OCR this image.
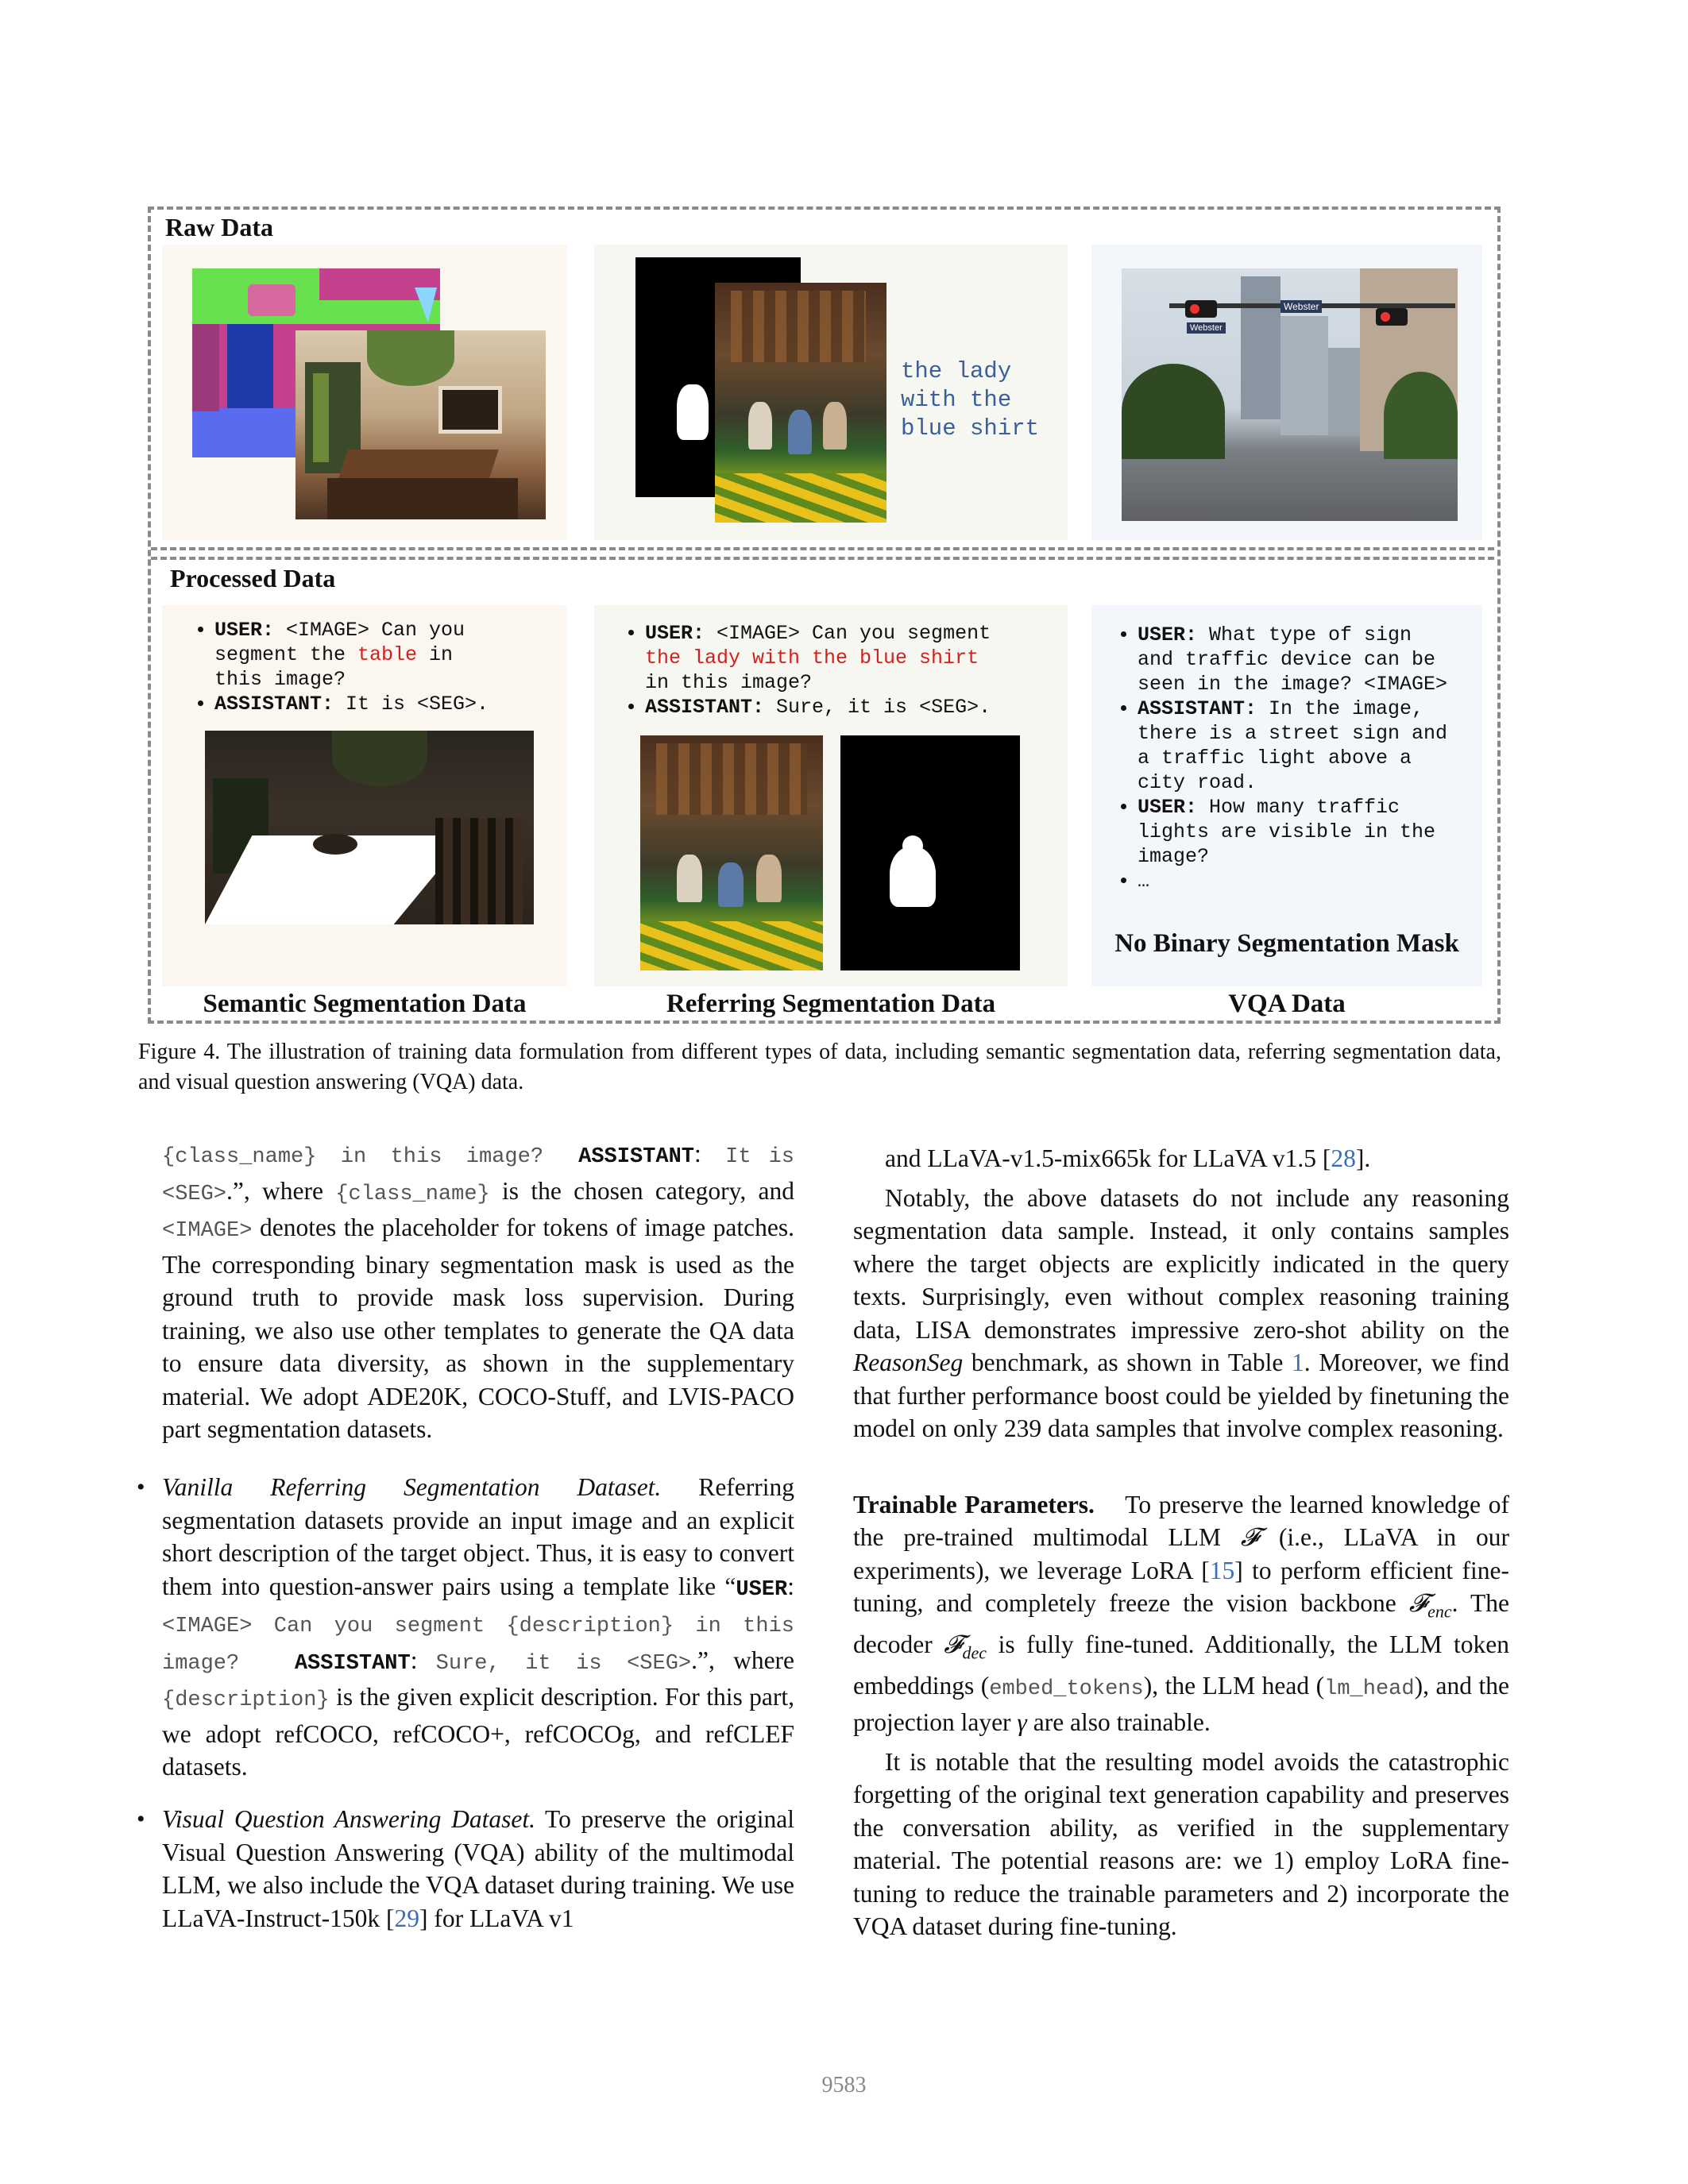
Raw Data
Processed Data
the lady
with the
blue shirt
Webster
Webster
• USER: <IMAGE> Can you
segment the table in
this image?
• ASSISTANT: It is <SEG>.
• USER: <IMAGE> Can you segment
the lady with the blue shirt
in this image?
• ASSISTANT: Sure, it is <SEG>.
• USER: What type of sign
and traffic device can be
seen in the image? <IMAGE>
• ASSISTANT: In the image,
there is a street sign and
a traffic light above a
city road.
• USER: How many traffic
lights are visible in the
image?
• …
No Binary Segmentation Mask
Semantic Segmentation Data	Referring Segmentation Data	VQA Data
Figure 4. The illustration of training data formulation from different types of data, including semantic segmentation data, referring segmentation data, and visual question answering (VQA) data.

{class_name} in this image? ASSISTANT: It is <SEG>.”, where {class_name} is the chosen category, and <IMAGE> denotes the placeholder for tokens of image patches. The corresponding binary segmentation mask is used as the ground truth to provide mask loss supervision. During training, we also use other templates to generate the QA data to ensure data diversity, as shown in the supplementary material. We adopt ADE20K, COCO-Stuff, and LVIS-PACO part segmentation datasets.

• Vanilla Referring Segmentation Dataset. Referring segmentation datasets provide an input image and an explicit short description of the target object. Thus, it is easy to convert them into question-answer pairs using a template like “USER: <IMAGE> Can you segment {description} in this image?	ASSISTANT: Sure, it is <SEG>.”, where {description} is the given explicit description. For this part, we adopt refCOCO, refCOCO+, refCOCOg, and refCLEF datasets.

• Visual Question Answering Dataset. To preserve the original Visual Question Answering (VQA) ability of the multimodal LLM, we also include the VQA dataset during training. We use LLaVA-Instruct-150k [29] for LLaVA v1

and LLaVA-v1.5-mix665k for LLaVA v1.5 [28].

Notably, the above datasets do not include any reasoning segmentation data sample. Instead, it only contains samples where the target objects are explicitly indicated in the query texts. Surprisingly, even without complex reasoning training data, LISA demonstrates impressive zero-shot ability on the ReasonSeg benchmark, as shown in Table 1. Moreover, we find that further performance boost could be yielded by finetuning the model on only 239 data samples that involve complex reasoning.

Trainable Parameters.    To preserve the learned knowledge of the pre-trained multimodal LLM 𝓕 (i.e., LLaVA in our experiments), we leverage LoRA [15] to perform efficient fine-tuning, and completely freeze the vision backbone 𝓕$_{enc}$. The decoder 𝓕$_{dec}$ is fully fine-tuned. Additionally, the LLM token embeddings (embed_tokens), the LLM head (lm_head), and the projection layer γ are also trainable.

It is notable that the resulting model avoids the catastrophic forgetting of the original text generation capability and preserves the conversation ability, as verified in the supplementary material. The potential reasons are: we 1) employ LoRA fine-tuning to reduce the trainable parameters and 2) incorporate the VQA dataset during fine-tuning.

9583
